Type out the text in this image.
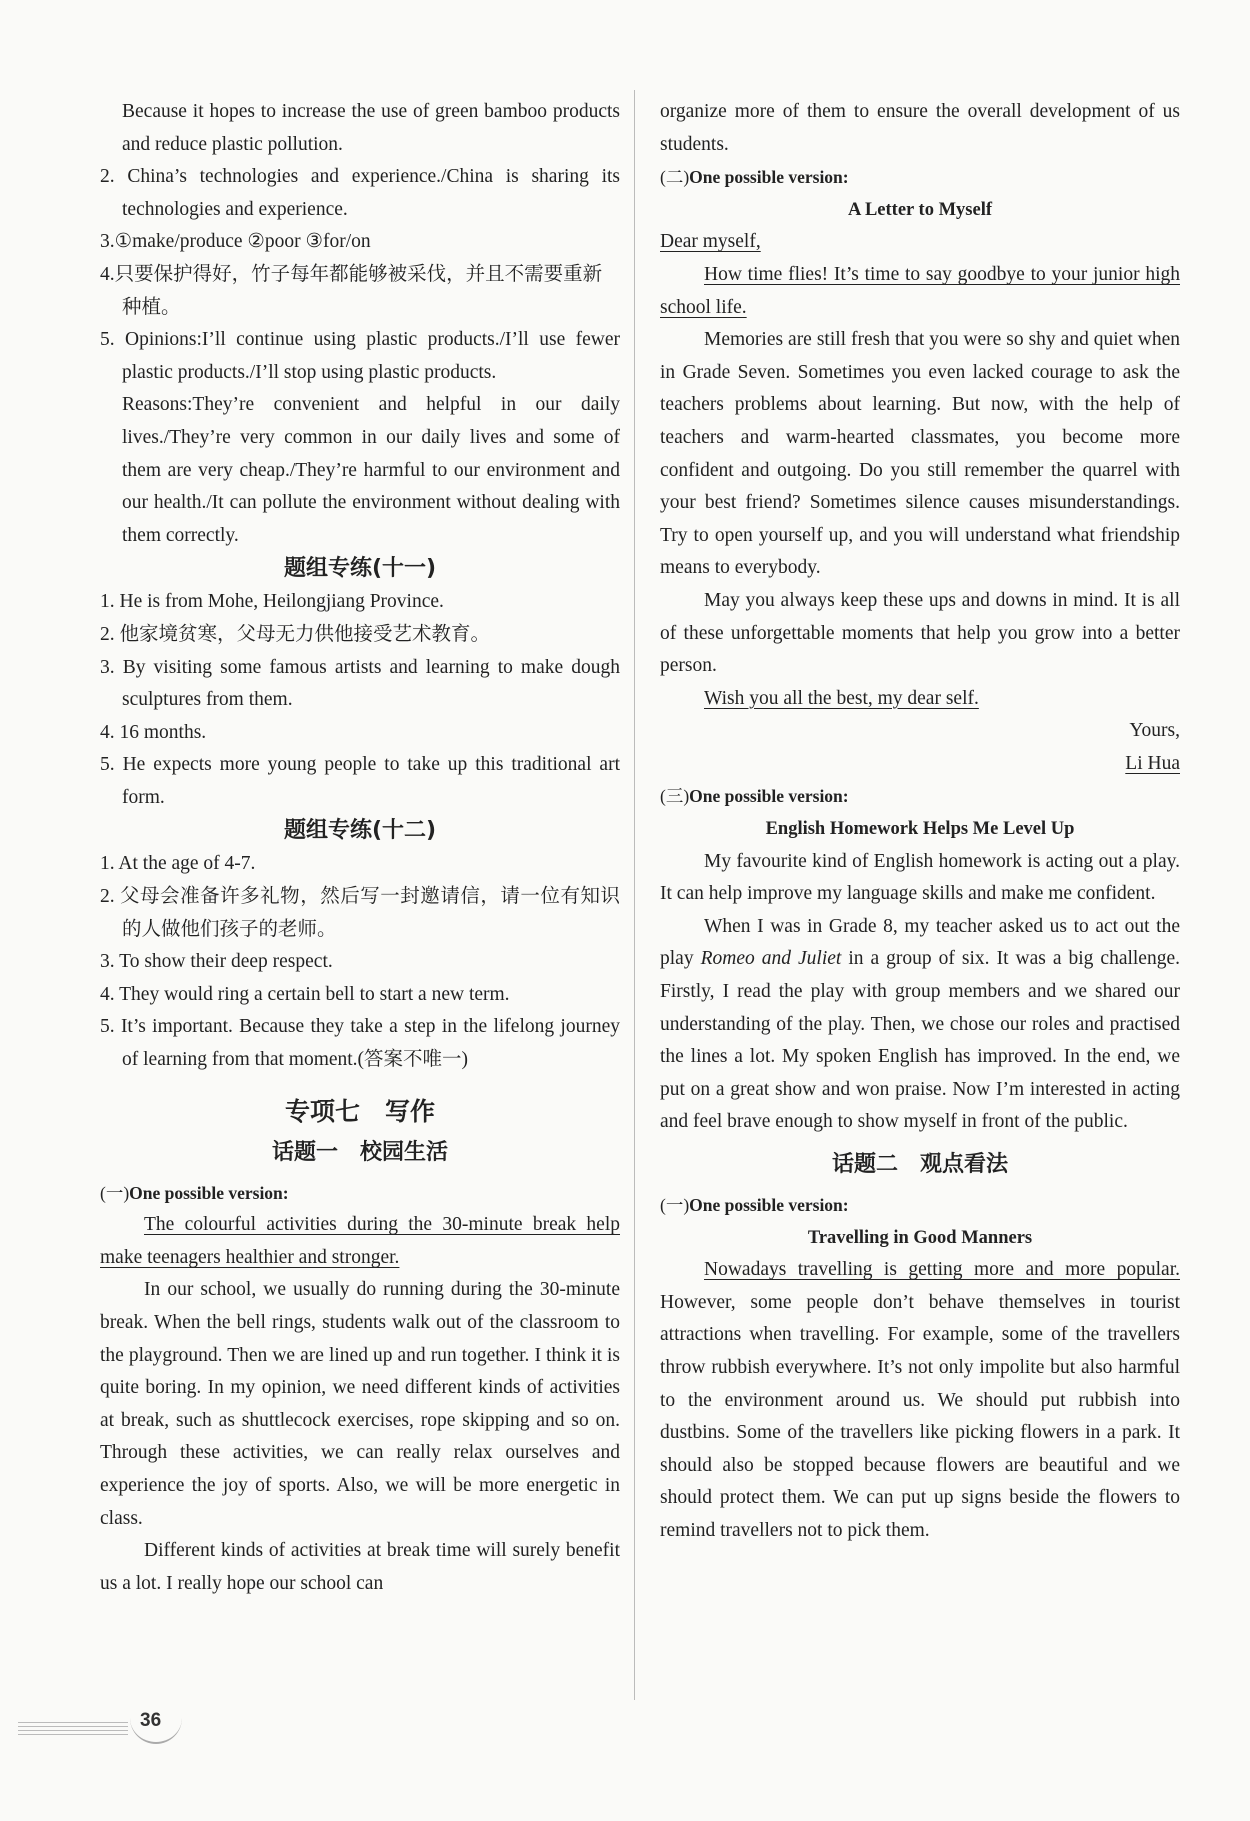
Because it hopes to increase the use of green bamboo products and reduce plastic pollution.

2. China’s technologies and experience./China is sharing its technologies and experience.

3.①make/produce ②poor ③for/on

4.只要保护得好，竹子每年都能够被采伐，并且不需要重新种植。

5. Opinions:I’ll continue using plastic products./I’ll use fewer plastic products./I’ll stop using plastic products.

Reasons:They’re convenient and helpful in our daily lives./They’re very common in our daily lives and some of them are very cheap./They’re harmful to our environment and our health./It can pollute the environment without dealing with them correctly.

题组专练(十一)

1. He is from Mohe, Heilongjiang Province.

2. 他家境贫寒，父母无力供他接受艺术教育。

3. By visiting some famous artists and learning to make dough sculptures from them.

4. 16 months.

5. He expects more young people to take up this traditional art form.

题组专练(十二)

1. At the age of 4-7.

2. 父母会准备许多礼物，然后写一封邀请信，请一位有知识的人做他们孩子的老师。

3. To show their deep respect.

4. They would ring a certain bell to start a new term.

5. It’s important. Because they take a step in the lifelong journey of learning from that moment.(答案不唯一)

专项七　写作

话题一　校园生活

(一)One possible version:

The colourful activities during the 30-minute break help make teenagers healthier and stronger.

In our school, we usually do running during the 30-minute break. When the bell rings, students walk out of the classroom to the playground. Then we are lined up and run together. I think it is quite boring. In my opinion, we need different kinds of activities at break, such as shuttlecock exercises, rope skipping and so on. Through these activities, we can really relax ourselves and experience the joy of sports. Also, we will be more energetic in class.

Different kinds of activities at break time will surely benefit us a lot. I really hope our school can

organize more of them to ensure the overall development of us students.

(二)One possible version:

A Letter to Myself

Dear myself,

How time flies! It’s time to say goodbye to your junior high school life.

Memories are still fresh that you were so shy and quiet when in Grade Seven. Sometimes you even lacked courage to ask the teachers problems about learning. But now, with the help of teachers and warm-hearted classmates, you become more confident and outgoing. Do you still remember the quarrel with your best friend? Sometimes silence causes misunderstandings. Try to open yourself up, and you will understand what friendship means to everybody.

May you always keep these ups and downs in mind. It is all of these unforgettable moments that help you grow into a better person.

Wish you all the best, my dear self.

Yours,

Li Hua

(三)One possible version:

English Homework Helps Me Level Up

My favourite kind of English homework is acting out a play. It can help improve my language skills and make me confident.

When I was in Grade 8, my teacher asked us to act out the play Romeo and Juliet in a group of six. It was a big challenge. Firstly, I read the play with group members and we shared our understanding of the play. Then, we chose our roles and practised the lines a lot. My spoken English has improved. In the end, we put on a great show and won praise. Now I’m interested in acting and feel brave enough to show myself in front of the public.

话题二　观点看法

(一)One possible version:

Travelling in Good Manners

Nowadays travelling is getting more and more popular. However, some people don’t behave themselves in tourist attractions when travelling. For example, some of the travellers throw rubbish everywhere. It’s not only impolite but also harmful to the environment around us. We should put rubbish into dustbins. Some of the travellers like picking flowers in a park. It should also be stopped because flowers are beautiful and we should protect them. We can put up signs beside the flowers to remind travellers not to pick them.

36
